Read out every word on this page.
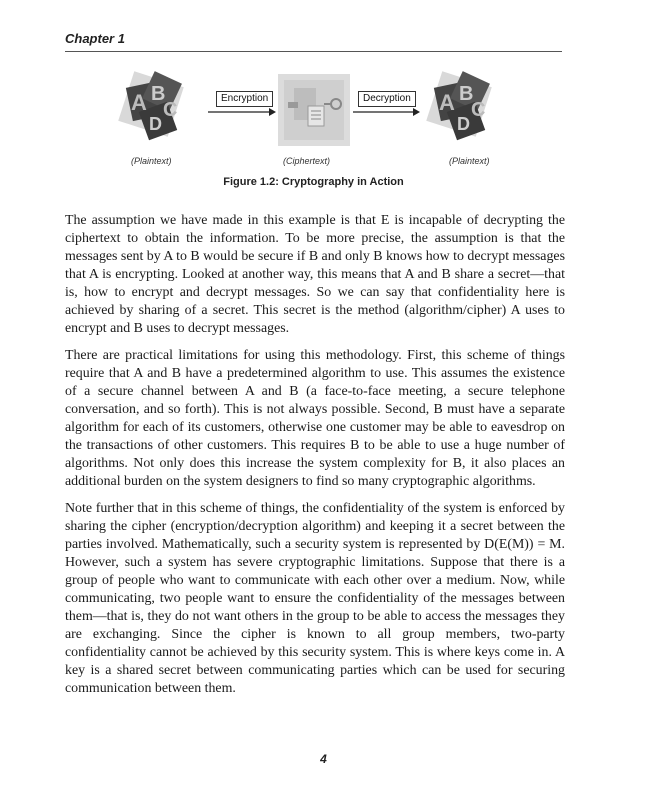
Chapter 1
A B
C
D
A B
C
D
Encryption	Decryption
(Plaintext)	(Ciphertext)	(Plaintext)
Figure 1.2: Cryptography in Action

The assumption we have made in this example is that E is incapable of decrypting the ciphertext to obtain the information. To be more precise, the assumption is that the messages sent by A to B would be secure if B and only B knows how to decrypt messages that A is encrypting. Looked at another way, this means that A and B share a secret—that is, how to encrypt and decrypt messages. So we can say that confidentiality here is achieved by sharing of a secret. This secret is the method (algorithm/cipher) A uses to encrypt and B uses to decrypt messages.

There are practical limitations for using this methodology. First, this scheme of things require that A and B have a predetermined algorithm to use. This assumes the existence of a secure channel between A and B (a face-to-face meeting, a secure telephone conversation, and so forth). This is not always possible. Second, B must have a separate algorithm for each of its customers, otherwise one customer may be able to eavesdrop on the transactions of other customers. This requires B to be able to use a huge number of algorithms. Not only does this increase the system complexity for B, it also places an additional burden on the system designers to find so many cryptographic algorithms.

Note further that in this scheme of things, the confidentiality of the system is enforced by sharing the cipher (encryption/decryption algorithm) and keeping it a secret between the parties involved. Mathematically, such a security system is represented by D(E(M)) = M. However, such a system has severe cryptographic limitations. Suppose that there is a group of people who want to communicate with each other over a medium. Now, while communicating, two people want to ensure the confidentiality of the messages between them—that is, they do not want others in the group to be able to access the messages they are exchanging. Since the cipher is known to all group members, two-party confidentiality cannot be achieved by this security system. This is where keys come in. A key is a shared secret between communicating parties which can be used for securing communication between them.

4
